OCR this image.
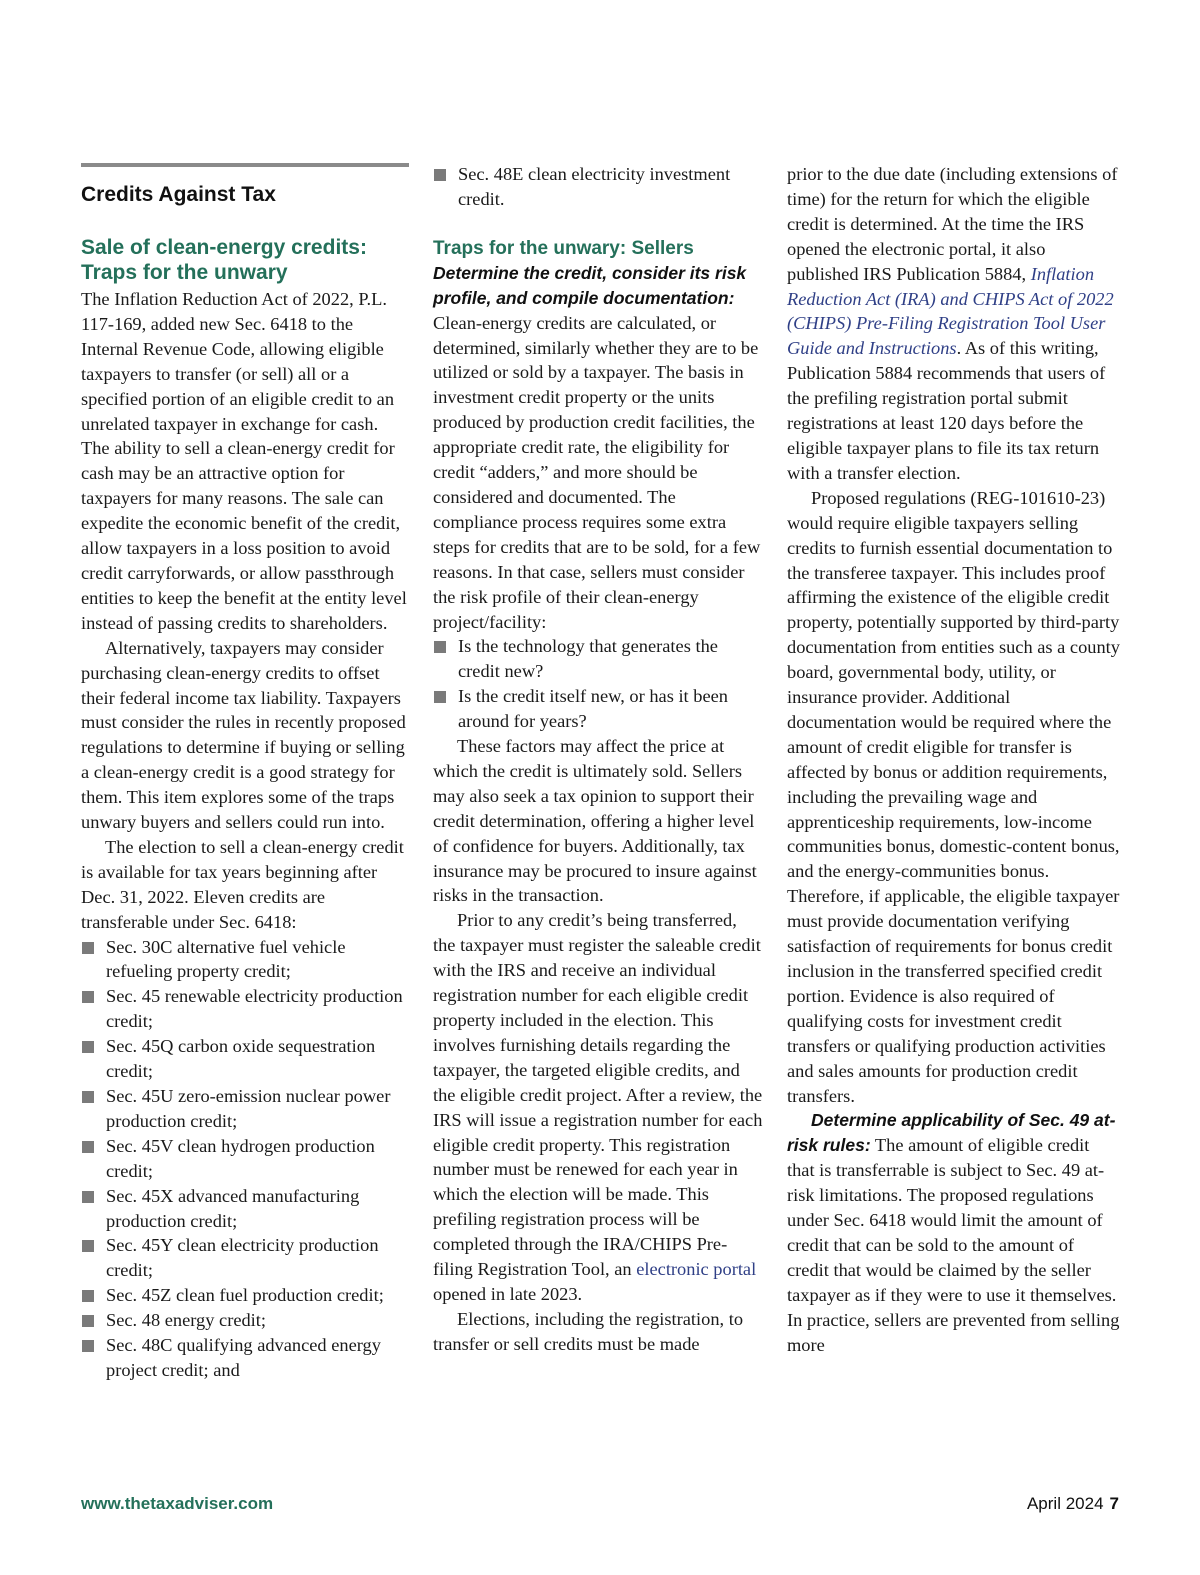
Credits Against Tax
Sale of clean-energy credits:
Traps for the unwary

The Inflation Reduction Act of 2022, P.L. 117-169, added new Sec. 6418 to the Internal Revenue Code, allowing eligible taxpayers to transfer (or sell) all or a specified portion of an eligible credit to an unrelated taxpayer in exchange for cash. The ability to sell a clean-energy credit for cash may be an attractive option for taxpayers for many reasons. The sale can expedite the economic benefit of the credit, allow taxpayers in a loss position to avoid credit carryforwards, or allow passthrough entities to keep the benefit at the entity level instead of passing credits to shareholders.

Alternatively, taxpayers may consider purchasing clean-energy credits to offset their federal income tax liability. Taxpayers must consider the rules in recently proposed regulations to determine if buying or selling a clean-energy credit is a good strategy for them. This item explores some of the traps unwary buyers and sellers could run into.

The election to sell a clean-energy credit is available for tax years beginning after Dec. 31, 2022. Eleven credits are transferable under Sec. 6418:

Sec. 30C alternative fuel vehicle refueling property credit;
Sec. 45 renewable electricity production credit;
Sec. 45Q carbon oxide sequestration credit;
Sec. 45U zero-emission nuclear power production credit;
Sec. 45V clean hydrogen production credit;
Sec. 45X advanced manufacturing production credit;
Sec. 45Y clean electricity production credit;
Sec. 45Z clean fuel production credit;
Sec. 48 energy credit;
Sec. 48C qualifying advanced energy project credit; and
Sec. 48E clean electricity investment credit.
Traps for the unwary: Sellers

Determine the credit, consider its risk profile, and compile documentation: Clean-energy credits are calculated, or determined, similarly whether they are to be utilized or sold by a taxpayer. The basis in investment credit property or the units produced by production credit facilities, the appropriate credit rate, the eligibility for credit “adders,” and more should be considered and documented. The compliance process requires some extra steps for credits that are to be sold, for a few reasons. In that case, sellers must consider the risk profile of their clean-energy project/facility:

Is the technology that generates the credit new?
Is the credit itself new, or has it been around for years?

These factors may affect the price at which the credit is ultimately sold. Sellers may also seek a tax opinion to support their credit determination, offering a higher level of confidence for buyers. Additionally, tax insurance may be procured to insure against risks in the transaction.

Prior to any credit’s being transferred, the taxpayer must register the saleable credit with the IRS and receive an individual registration number for each eligible credit property included in the election. This involves furnishing details regarding the taxpayer, the targeted eligible credits, and the eligible credit project. After a review, the IRS will issue a registration number for each eligible credit property. This registration number must be renewed for each year in which the election will be made. This prefiling registration process will be completed through the IRA/CHIPS Pre-filing Registration Tool, an electronic portal opened in late 2023.

Elections, including the registration, to transfer or sell credits must be made

prior to the due date (including extensions of time) for the return for which the eligible credit is determined. At the time the IRS opened the electronic portal, it also published IRS Publication 5884, Inflation Reduction Act (IRA) and CHIPS Act of 2022 (CHIPS) Pre-Filing Registration Tool User Guide and Instructions. As of this writing, Publication 5884 recommends that users of the prefiling registration portal submit registrations at least 120 days before the eligible taxpayer plans to file its tax return with a transfer election.

Proposed regulations (REG-101610-23) would require eligible taxpayers selling credits to furnish essential documentation to the transferee taxpayer. This includes proof affirming the existence of the eligible credit property, potentially supported by third-party documentation from entities such as a county board, governmental body, utility, or insurance provider. Additional documentation would be required where the amount of credit eligible for transfer is affected by bonus or addition requirements, including the prevailing wage and apprenticeship requirements, low-income communities bonus, domestic-content bonus, and the energy-communities bonus. Therefore, if applicable, the eligible taxpayer must provide documentation verifying satisfaction of requirements for bonus credit inclusion in the transferred specified credit portion. Evidence is also required of qualifying costs for investment credit transfers or qualifying production activities and sales amounts for production credit transfers.

Determine applicability of Sec. 49 at-risk rules: The amount of eligible credit that is transferrable is subject to Sec. 49 at-risk limitations. The proposed regulations under Sec. 6418 would limit the amount of credit that can be sold to the amount of credit that would be claimed by the seller taxpayer as if they were to use it themselves. In practice, sellers are prevented from selling more

www.thetaxadviser.com	April 2024 7
